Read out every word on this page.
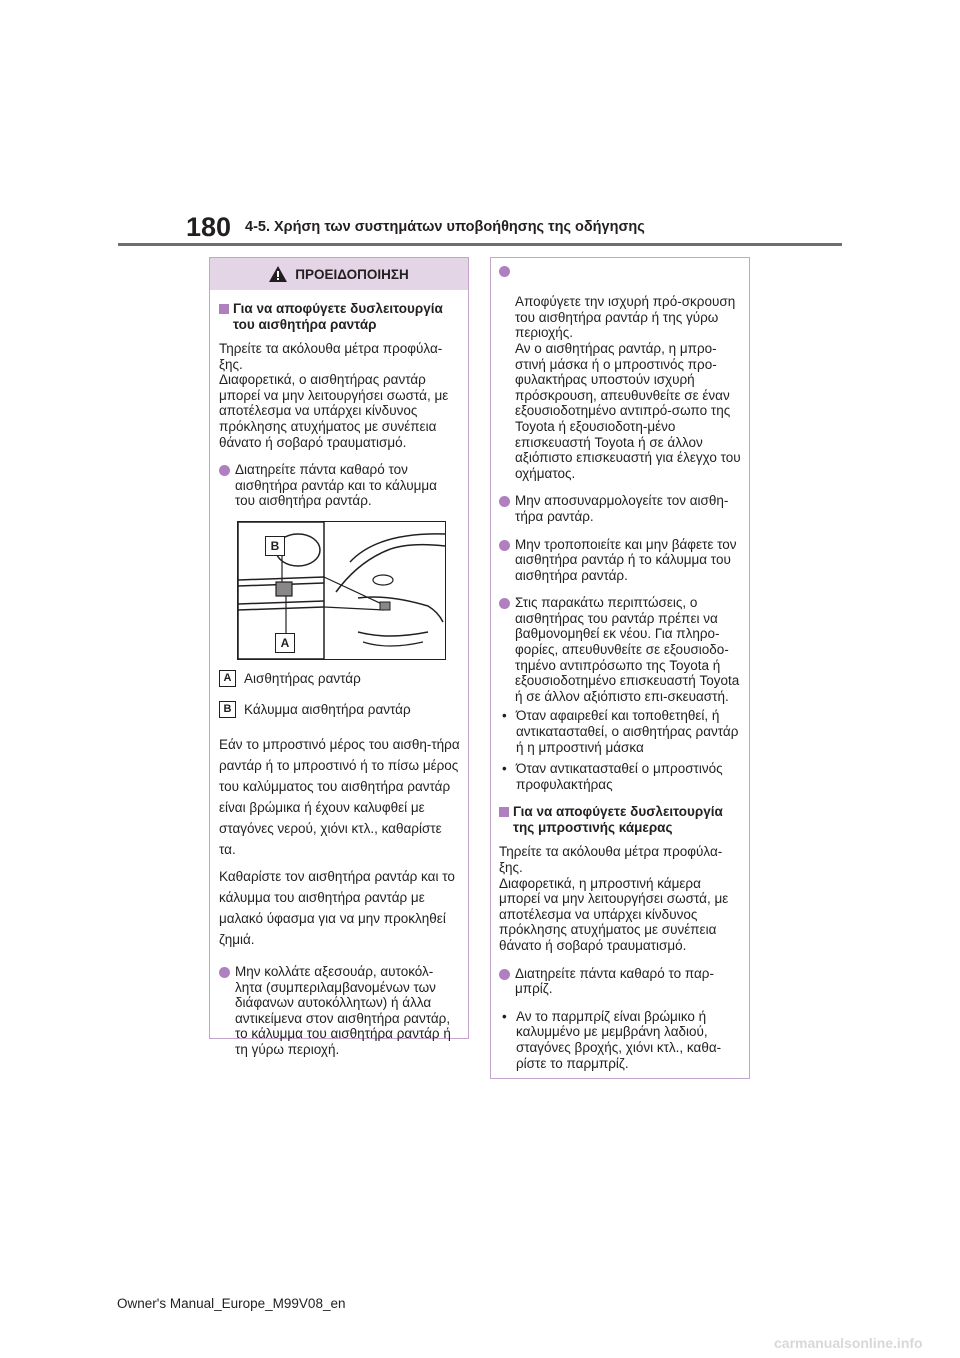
180 4-5. Χρήση των συστημάτων υποβοήθησης της οδήγησης
ΠΡΟΕΙΔΟΠΟΙΗΣΗ
Για να αποφύγετε δυσλειτουργία του αισθητήρα ραντάρ
Τηρείτε τα ακόλουθα μέτρα προφύλα-ξης.
Διαφορετικά, ο αισθητήρας ραντάρ μπορεί να μην λειτουργήσει σωστά, με αποτέλεσμα να υπάρχει κίνδυνος πρόκλησης ατυχήματος με συνέπεια θάνατο ή σοβαρό τραυματισμό.
Διατηρείτε πάντα καθαρό τον αισθητήρα ραντάρ και το κάλυμμα του αισθητήρα ραντάρ.
B
A
A Αισθητήρας ραντάρ
B Κάλυμμα αισθητήρα ραντάρ
Εάν το μπροστινό μέρος του αισθη-τήρα ραντάρ ή το μπροστινό ή το πίσω μέρος του καλύμματος του αισθητήρα ραντάρ είναι βρώμικα ή έχουν καλυφθεί με σταγόνες νερού, χιόνι κτλ., καθαρίστε τα.
Καθαρίστε τον αισθητήρα ραντάρ και το κάλυμμα του αισθητήρα ραντάρ με μαλακό ύφασμα για να μην προκληθεί ζημιά.
Μην κολλάτε αξεσουάρ, αυτοκόλ-λητα (συμπεριλαμβανομένων των διάφανων αυτοκόλλητων) ή άλλα αντικείμενα στον αισθητήρα ραντάρ, το κάλυμμα του αισθητήρα ραντάρ ή τη γύρω περιοχή.

Αποφύγετε την ισχυρή πρό-σκρουση του αισθητήρα ραντάρ ή της γύρω περιοχής.
Αν ο αισθητήρας ραντάρ, η μπρο-στινή μάσκα ή ο μπροστινός προ-φυλακτήρας υποστούν ισχυρή πρόσκρουση, απευθυνθείτε σε έναν εξουσιοδοτημένο αντιπρό-σωπο της Toyota ή εξουσιοδοτη-μένο επισκευαστή Toyota ή σε άλλον αξιόπιστο επισκευαστή για έλεγχο του οχήματος.

Μην αποσυναρμολογείτε τον αισθη-τήρα ραντάρ.
Μην τροποποιείτε και μην βάφετε τον αισθητήρα ραντάρ ή το κάλυμμα του αισθητήρα ραντάρ.
Στις παρακάτω περιπτώσεις, ο αισθητήρας του ραντάρ πρέπει να βαθμονομηθεί εκ νέου. Για πληρο-φορίες, απευθυνθείτε σε εξουσιοδο-τημένο αντιπρόσωπο της Toyota ή εξουσιοδοτημένο επισκευαστή Toyota ή σε άλλον αξιόπιστο επι-σκευαστή.
• Όταν αφαιρεθεί και τοποθετηθεί, ή αντικατασταθεί, ο αισθητήρας ραντάρ ή η μπροστινή μάσκα
• Όταν αντικατασταθεί ο μπροστινός προφυλακτήρας
Για να αποφύγετε δυσλειτουργία της μπροστινής κάμερας
Τηρείτε τα ακόλουθα μέτρα προφύλα-ξης.
Διαφορετικά, η μπροστινή κάμερα μπορεί να μην λειτουργήσει σωστά, με αποτέλεσμα να υπάρχει κίνδυνος πρόκλησης ατυχήματος με συνέπεια θάνατο ή σοβαρό τραυματισμό.
Διατηρείτε πάντα καθαρό το παρ-μπρίζ.
• Αν το παρμπρίζ είναι βρώμικο ή καλυμμένο με μεμβράνη λαδιού, σταγόνες βροχής, χιόνι κτλ., καθα-ρίστε το παρμπρίζ.
Owner's Manual_Europe_M99V08_en
carmanualsonline.info
